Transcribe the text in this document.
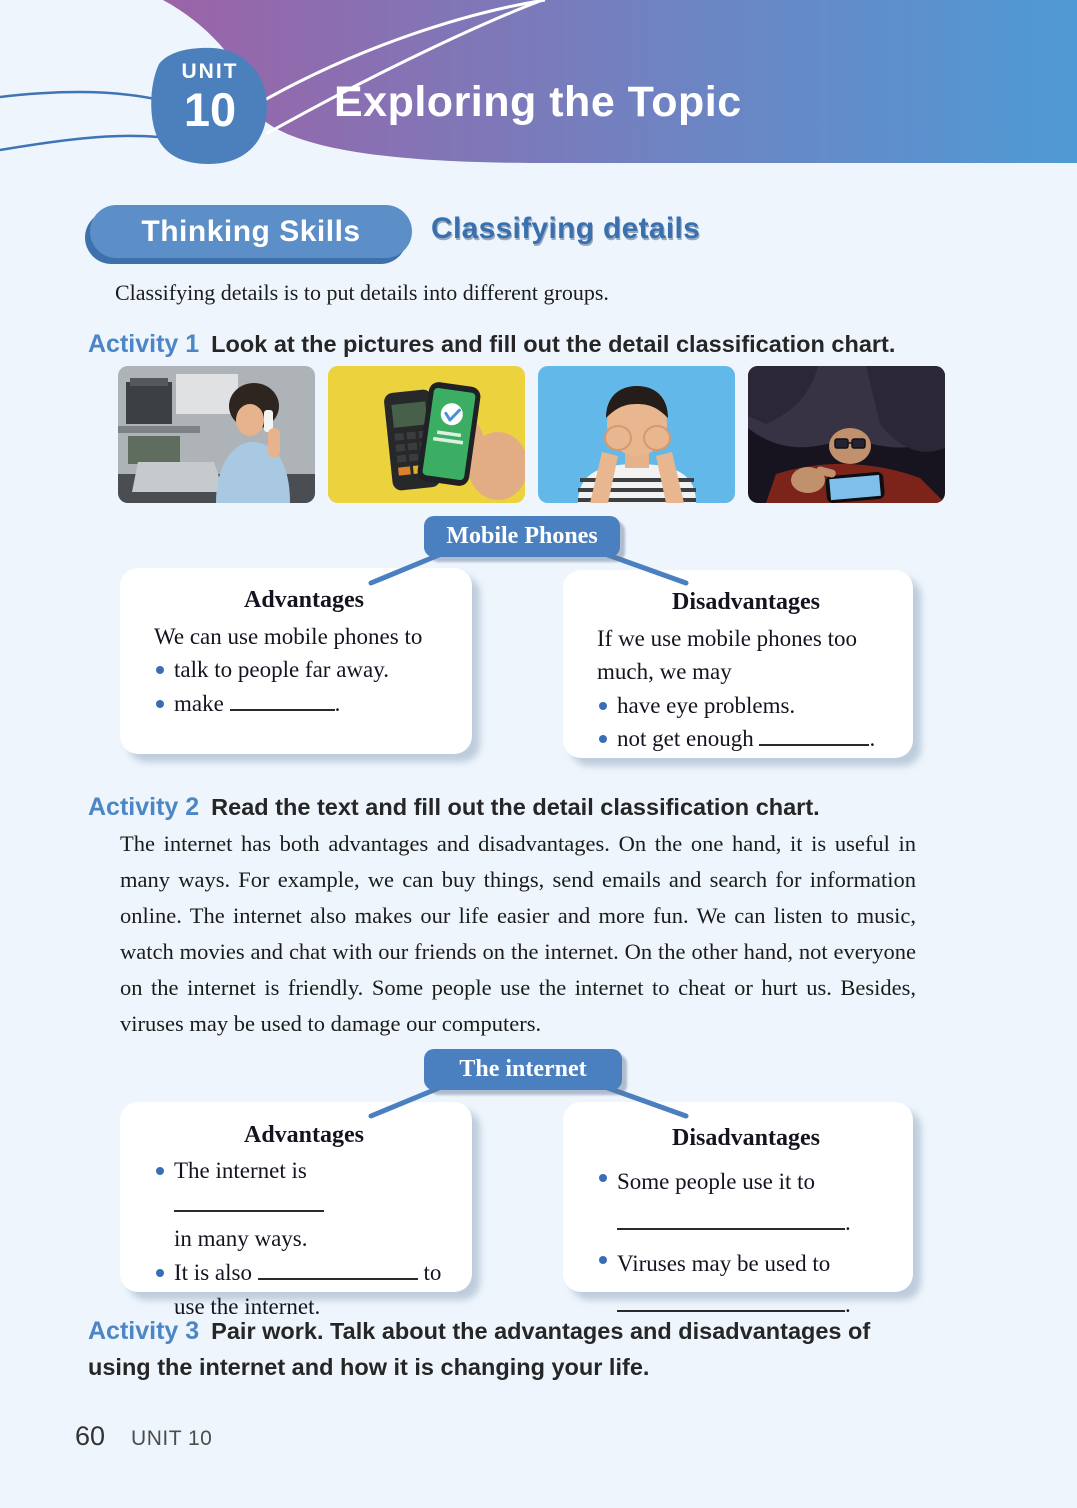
UNIT
10	Exploring the Topic
Thinking Skills Classifying details

Classifying details is to put details into different groups.

Activity 1 Look at the pictures and fill out the detail classification chart.
Advantages
We can use mobile phones to
talk to people far away.
make	.
Disadvantages
If we use mobile phones too much, we may
have eye problems.
not get enough	.
Activity 2 Read the text and fill out the detail classification chart.

The internet has both advantages and disadvantages. On the one hand, it is useful in many ways. For example, we can buy things, send emails and search for information online. The internet also makes our life easier and more fun. We can listen to music, watch movies and chat with our friends on the internet. On the other hand, not everyone on the internet is friendly. Some people use the internet to cheat or hurt us. Besides, viruses may be used to damage our computers.

Advantages
The internet is
in many ways.
It is also	to
use the internet.
Disadvantages
Some people use it to
.
Viruses may be used to
.
Mobile Phones
The internet
Activity 3 Pair work. Talk about the advantages and disadvantages of using the internet and how it is changing your life.
60 UNIT 10
